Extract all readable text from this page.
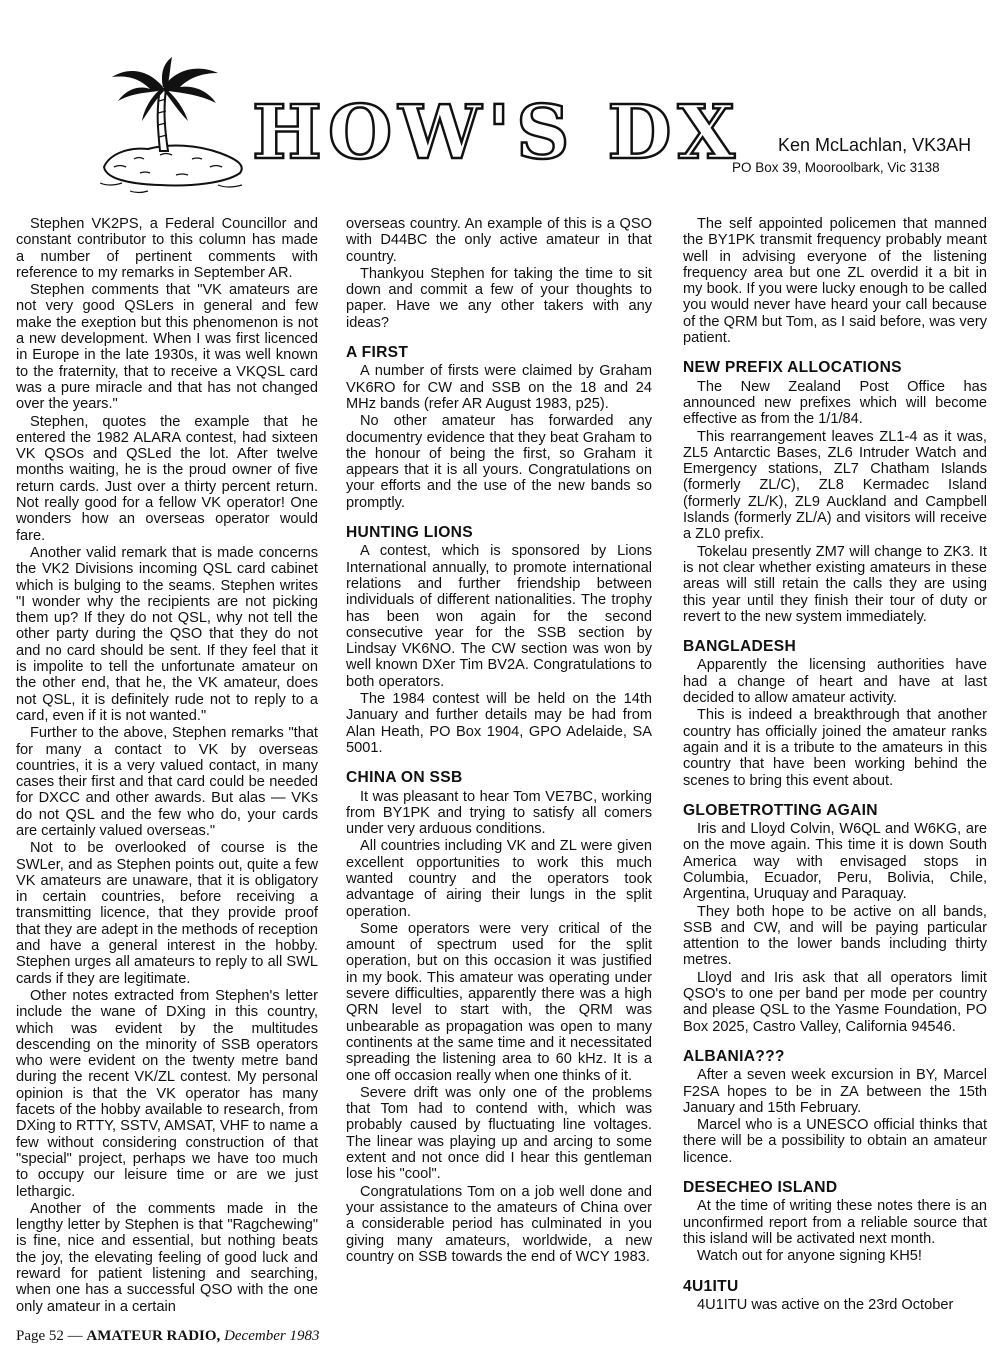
HOW'S DX Ken McLachlan, VK3AH
PO Box 39, Mooroolbark, Vic 3138

Stephen VK2PS, a Federal Councillor and constant contributor to this column has made a number of pertinent comments with reference to my remarks in September AR.

Stephen comments that "VK amateurs are not very good QSLers in general and few make the exeption but this phenomenon is not a new development. When I was first licenced in Europe in the late 1930s, it was well known to the fraternity, that to receive a VKQSL card was a pure miracle and that has not changed over the years."

Stephen, quotes the example that he entered the 1982 ALARA contest, had sixteen VK QSOs and QSLed the lot. After twelve months waiting, he is the proud owner of five return cards. Just over a thirty percent return. Not really good for a fellow VK operator! One wonders how an overseas operator would fare.

Another valid remark that is made concerns the VK2 Divisions incoming QSL card cabinet which is bulging to the seams. Stephen writes "I wonder why the recipients are not picking them up? If they do not QSL, why not tell the other party during the QSO that they do not and no card should be sent. If they feel that it is impolite to tell the unfortunate amateur on the other end, that he, the VK amateur, does not QSL, it is definitely rude not to reply to a card, even if it is not wanted."

Further to the above, Stephen remarks "that for many a contact to VK by overseas countries, it is a very valued contact, in many cases their first and that card could be needed for DXCC and other awards. But alas — VKs do not QSL and the few who do, your cards are certainly valued overseas."

Not to be overlooked of course is the SWLer, and as Stephen points out, quite a few VK amateurs are unaware, that it is obligatory in certain countries, before receiving a transmitting licence, that they provide proof that they are adept in the methods of reception and have a general interest in the hobby. Stephen urges all amateurs to reply to all SWL cards if they are legitimate.

Other notes extracted from Stephen's letter include the wane of DXing in this country, which was evident by the multitudes descending on the minority of SSB operators who were evident on the twenty metre band during the recent VK/ZL contest. My personal opinion is that the VK operator has many facets of the hobby available to research, from DXing to RTTY, SSTV, AMSAT, VHF to name a few without considering construction of that "special" project, perhaps we have too much to occupy our leisure time or are we just lethargic.

Another of the comments made in the lengthy letter by Stephen is that "Ragchewing" is fine, nice and essential, but nothing beats the joy, the elevating feeling of good luck and reward for patient listening and searching, when one has a successful QSO with the one only amateur in a certain

overseas country. An example of this is a QSO with D44BC the only active amateur in that country.

Thankyou Stephen for taking the time to sit down and commit a few of your thoughts to paper. Have we any other takers with any ideas?

A FIRST

A number of firsts were claimed by Graham VK6RO for CW and SSB on the 18 and 24 MHz bands (refer AR August 1983, p25).

No other amateur has forwarded any documentry evidence that they beat Graham to the honour of being the first, so Graham it appears that it is all yours. Congratulations on your efforts and the use of the new bands so promptly.

HUNTING LIONS

A contest, which is sponsored by Lions International annually, to promote international relations and further friendship between individuals of different nationalities. The trophy has been won again for the second consecutive year for the SSB section by Lindsay VK6NO. The CW section was won by well known DXer Tim BV2A. Congratulations to both operators.

The 1984 contest will be held on the 14th January and further details may be had from Alan Heath, PO Box 1904, GPO Adelaide, SA 5001.

CHINA ON SSB

It was pleasant to hear Tom VE7BC, working from BY1PK and trying to satisfy all comers under very arduous conditions.

All countries including VK and ZL were given excellent opportunities to work this much wanted country and the operators took advantage of airing their lungs in the split operation.

Some operators were very critical of the amount of spectrum used for the split operation, but on this occasion it was justified in my book. This amateur was operating under severe difficulties, apparently there was a high QRN level to start with, the QRM was unbearable as propagation was open to many continents at the same time and it necessitated spreading the listening area to 60 kHz. It is a one off occasion really when one thinks of it.

Severe drift was only one of the problems that Tom had to contend with, which was probably caused by fluctuating line voltages. The linear was playing up and arcing to some extent and not once did I hear this gentleman lose his "cool".

Congratulations Tom on a job well done and your assistance to the amateurs of China over a considerable period has culminated in you giving many amateurs, worldwide, a new country on SSB towards the end of WCY 1983.

The self appointed policemen that manned the BY1PK transmit frequency probably meant well in advising everyone of the listening frequency area but one ZL overdid it a bit in my book. If you were lucky enough to be called you would never have heard your call because of the QRM but Tom, as I said before, was very patient.

NEW PREFIX ALLOCATIONS

The New Zealand Post Office has announced new prefixes which will become effective as from the 1/1/84.

This rearrangement leaves ZL1-4 as it was, ZL5 Antarctic Bases, ZL6 Intruder Watch and Emergency stations, ZL7 Chatham Islands (formerly ZL/C), ZL8 Kermadec Island (formerly ZL/K), ZL9 Auckland and Campbell Islands (formerly ZL/A) and visitors will receive a ZL0 prefix.

Tokelau presently ZM7 will change to ZK3. It is not clear whether existing amateurs in these areas will still retain the calls they are using this year until they finish their tour of duty or revert to the new system immediately.

BANGLADESH

Apparently the licensing authorities have had a change of heart and have at last decided to allow amateur activity.

This is indeed a breakthrough that another country has officially joined the amateur ranks again and it is a tribute to the amateurs in this country that have been working behind the scenes to bring this event about.

GLOBETROTTING AGAIN

Iris and Lloyd Colvin, W6QL and W6KG, are on the move again. This time it is down South America way with envisaged stops in Columbia, Ecuador, Peru, Bolivia, Chile, Argentina, Uruquay and Paraquay.

They both hope to be active on all bands, SSB and CW, and will be paying particular attention to the lower bands including thirty metres.

Lloyd and Iris ask that all operators limit QSO's to one per band per mode per country and please QSL to the Yasme Foundation, PO Box 2025, Castro Valley, California 94546.

ALBANIA???

After a seven week excursion in BY, Marcel F2SA hopes to be in ZA between the 15th January and 15th February.

Marcel who is a UNESCO official thinks that there will be a possibility to obtain an amateur licence.

DESECHEO ISLAND

At the time of writing these notes there is an unconfirmed report from a reliable source that this island will be activated next month.

Watch out for anyone signing KH5!

4U1ITU

4U1ITU was active on the 23rd October

Page 52 — AMATEUR RADIO, December 1983
